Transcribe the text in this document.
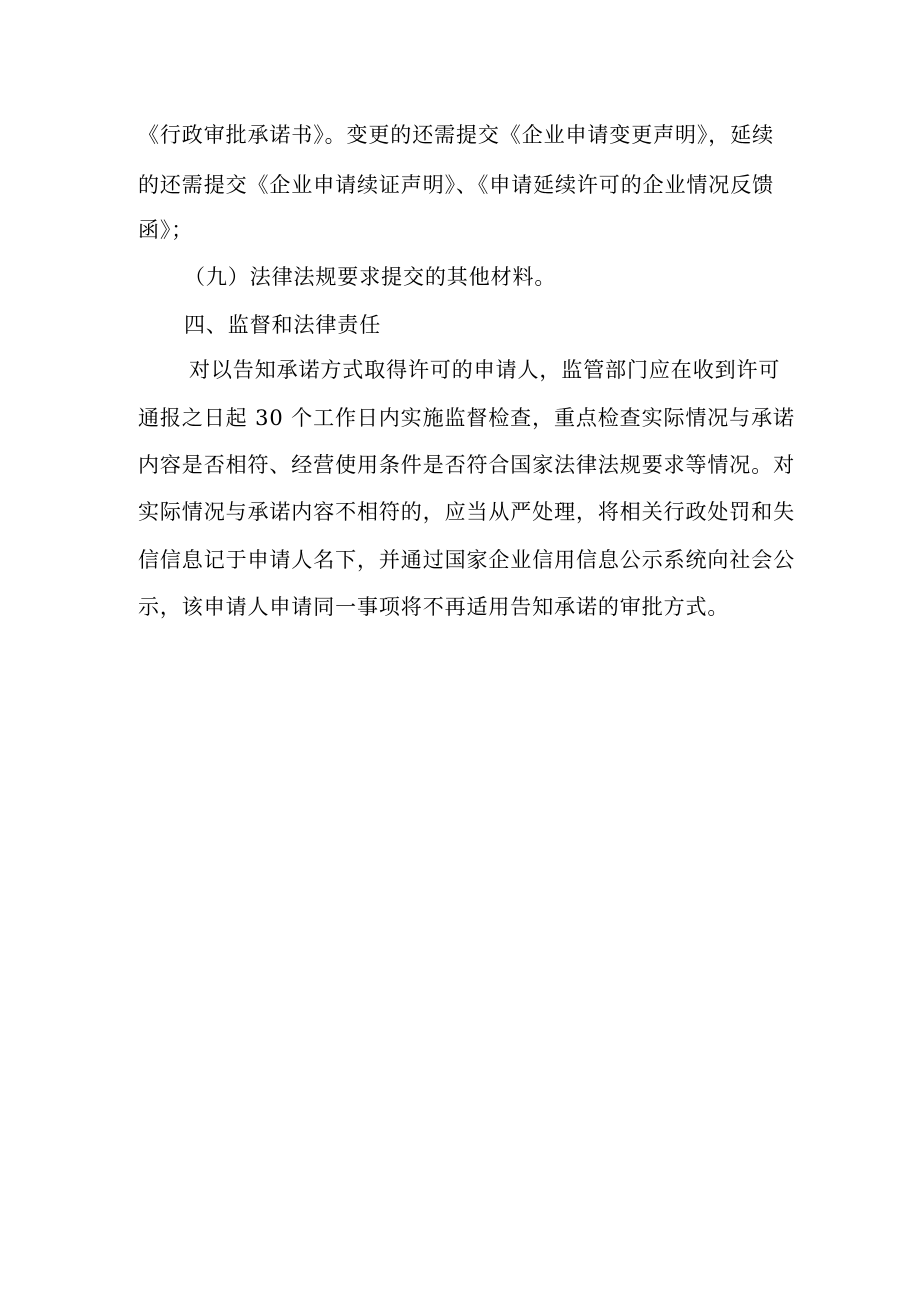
《行政审批承诺书》。变更的还需提交《企业申请变更声明》，延续
的还需提交《企业申请续证声明》、《申请延续许可的企业情况反馈
函》；
（九）法律法规要求提交的其他材料。
四、监督和法律责任
对以告知承诺方式取得许可的申请人，监管部门应在收到许可
通报之日起 30 个工作日内实施监督检查，重点检查实际情况与承诺
内容是否相符、经营使用条件是否符合国家法律法规要求等情况。对
实际情况与承诺内容不相符的，应当从严处理，将相关行政处罚和失
信信息记于申请人名下，并通过国家企业信用信息公示系统向社会公
示，该申请人申请同一事项将不再适用告知承诺的审批方式。
